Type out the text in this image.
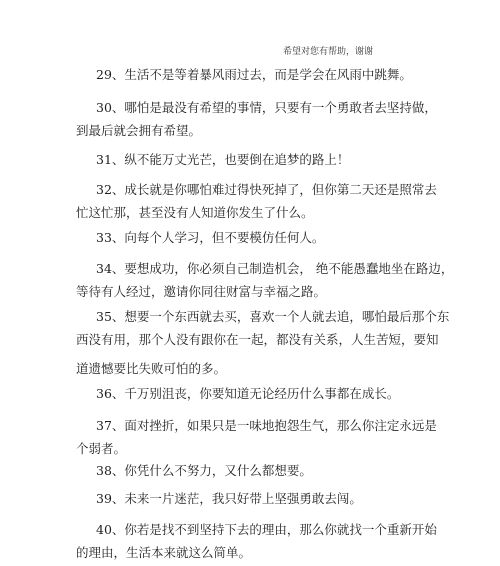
希望对您有帮助，谢谢
29、生活不是等着暴风雨过去，而是学会在风雨中跳舞。
30、哪怕是最没有希望的事情，只要有一个勇敢者去坚持做，
到最后就会拥有希望。
31、纵不能万丈光芒，也要倒在追梦的路上！
32、成长就是你哪怕难过得快死掉了，但你第二天还是照常去
忙这忙那，甚至没有人知道你发生了什么。
33、向每个人学习，但不要模仿任何人。
34、要想成功，你必须自己制造机会， 绝不能愚蠢地坐在路边，
等待有人经过，邀请你同往财富与幸福之路。
35、想要一个东西就去买，喜欢一个人就去追，哪怕最后那个东
西没有用，那个人没有跟你在一起，都没有关系，人生苦短，要知
道遗憾要比失败可怕的多。
36、千万别沮丧，你要知道无论经历什么事都在成长。
37、面对挫折，如果只是一味地抱怨生气，那么你注定永远是
个弱者。
38、你凭什么不努力，又什么都想要。
39、未来一片迷茫，我只好带上坚强勇敢去闯。
40、你若是找不到坚持下去的理由，那么你就找一个重新开始
的理由，生活本来就这么简单。
